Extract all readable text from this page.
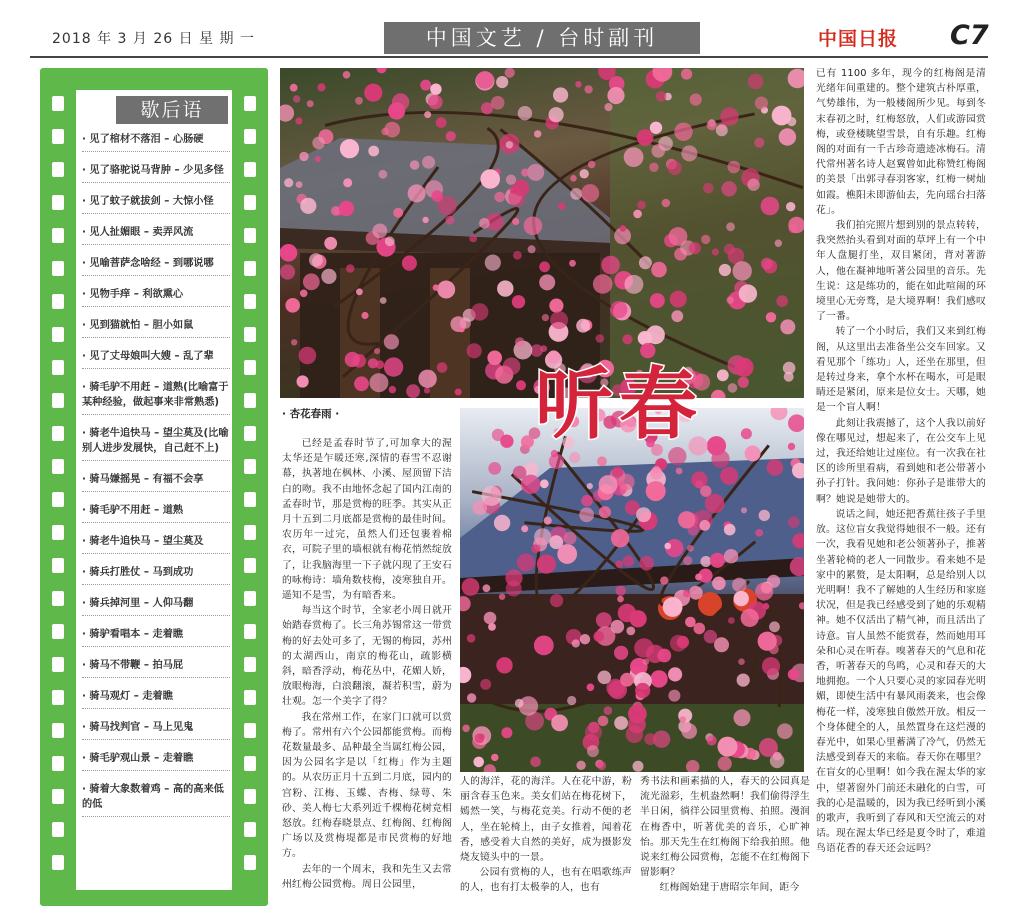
2018 年 3 月 26 日 星 期 一	中国文艺 / 台时副刊	中国日报 C7
歇后语
· 见了棺材不落泪 – 心肠硬
· 见了骆驼说马背肿 – 少见多怪
· 见了蚊子就拔剑 – 大惊小怪
· 见人扯媚眼 – 卖弄风流
· 见喻菩萨念啥经 – 到哪说哪
· 见物手痒 – 利欲熏心
· 见到猫就怕 – 胆小如鼠
· 见了丈母娘叫大嫂 – 乱了辈
· 骑毛驴不用赶 – 道熟(比喻富于某种经验，做起事来非常熟悉)
· 骑老牛追快马 – 望尘莫及(比喻别人进步发展快，自己赶不上)
· 骑马嫌摇晃 – 有福不会享
· 骑毛驴不用赶 – 道熟
· 骑老牛追快马 – 望尘莫及
· 骑兵打胜仗 – 马到成功
· 骑兵掉河里 – 人仰马翻
· 骑驴看唱本 – 走着瞧
· 骑马不带鞭 – 拍马屁
· 骑马观灯 – 走着瞧
· 骑马找判官 – 马上见鬼
· 骑毛驴观山景 – 走着瞧
· 骑着大象数着鸡 – 高的高来低的低
听春
· 杏花春雨 ·

已经是孟春时节了,可加拿大的渥太华还是乍暖还寒,深情的春雪不忍谢幕，执著地在枫林、小溪、屋顶留下洁白的吻。我不由地怀念起了国内江南的孟春时节，那是赏梅的旺季。其实从正月十五到二月底都是赏梅的最佳时间。农历年一过完，虽然人们还包裹着棉衣，可院子里的墙根就有梅花悄然绽放了，让我脑海里一下子就闪现了王安石的咏梅诗：墙角数枝梅，凌寒独自开。遥知不是雪，为有暗香来。

每当这个时节，全家老小周日就开始踏春赏梅了。长三角苏锡常这一带赏梅的好去处可多了，无锡的梅园，苏州的太湖西山，南京的梅花山，疏影横斜，暗香浮动，梅花丛中，花媚人娇，放眼梅海，白浪翻滚，凝若积雪，蔚为壮观。怎一个美字了得？

我在常州工作，在家门口就可以赏梅了。常州有六个公园都能赏梅。而梅花数量最多、品种最全当属红梅公园，因为公园名字是以「红梅」作为主题的。从农历正月十五到二月底，园内的宫粉、江梅、玉蝶、杏梅、绿萼、朱砂、美人梅七大系列近千棵梅花树竞相怒放。红梅春晓景点、红梅阁、红梅阁广场以及赏梅堤都是市民赏梅的好地方。

去年的一个周末，我和先生又去常州红梅公园赏梅。周日公园里，

人的海洋，花的海洋。人在花中游，粉丽含春玉色来。美女们站在梅花树下，嫣然一笑，与梅花竞美。行动不便的老人，坐在轮椅上，由子女推着，闻着花香，感受着大自然的美好，成为摄影发烧友镜头中的一景。

公园有赏梅的人，也有在唱歌练声的人，也有打太极拳的人，也有

秀书法和画素描的人，春天的公园真是流光溢彩，生机盎然啊！我们偷得浮生半日闲，徜徉公园里赏梅、拍照。漫润在梅香中，听著优美的音乐，心旷神怡。那天先生在红梅阁下给我拍照。他说来红梅公园赏梅，怎能不在红梅阁下留影啊？

红梅阁始建于唐昭宗年间，距今

已有 1100 多年，现今的红梅阁是清光绪年间重建的。整个建筑古朴厚重，气势雄伟，为一般楼阁所少见。每到冬末春初之时，红梅怒放，人们或游园赏梅，或登楼眺望雪景，自有乐趣。红梅阁的对面有一千古珍奇遗迹冰梅石。清代常州著名诗人赵翼曾如此称赞红梅阁的美景「出郭寻春羽客家，红梅一树灿如霞。樵阳未即游仙去，先向瑶台扫落花」。

我们拍完照片想到别的景点转转，我突然抬头看到对面的草坪上有一个中年人盘腿打坐，双目紧闭，背对著游人，他在凝神地听著公园里的音乐。先生说：这是练功的，能在如此喧闹的环境里心无旁骛，是大境界啊！我们感叹了一番。

转了一个小时后，我们又来到红梅阁，从这里出去准备坐公交车回家。又看见那个「练功」人，还坐在那里，但是转过身来，拿个水杯在喝水，可是眼睛还是紧闭，原来是位女士。天哪，她是一个盲人啊！

此刻让我震撼了，这个人我以前好像在哪见过，想起来了，在公交车上见过，我还给她让过座位。有一次我在社区的诊所里看病，看到她和老公带著小孙子打针。我问她：你孙子是谁带大的啊？她说是她带大的。

说话之间，她还把香蕉往孩子手里放。这位盲女我觉得她很不一般。还有一次，我看见她和老公领著孙子，推著坐著轮椅的老人一同散步。看来她不是家中的累赘，是太阳啊，总是给别人以光明啊！我不了解她的人生经历和家庭状况，但是我已经感受到了她的乐观精神。她不仅活出了精气神，而且活出了诗意。盲人虽然不能赏春，然而她用耳朵和心灵在听春。嗅著春天的气息和花香，听著春天的鸟鸣，心灵和春天的大地拥抱。一个人只要心灵的家园春光明媚，即使生活中有暴风雨袭来，也会像梅花一样，凌寒独自傲然开放。相反一个身体健全的人，虽然置身在这烂漫的春光中，如果心里蓄满了冷气，仍然无法感受到春天的来临。春天你在哪里？在盲女的心里啊！如今我在渥太华的家中，望著窗外门前还未融化的白雪，可我的心是温暖的，因为我已经听到小溪的歌声，我听到了春风和天空流云的对话。现在渥太华已经是夏令时了，难道鸟语花香的春天还会远吗？
